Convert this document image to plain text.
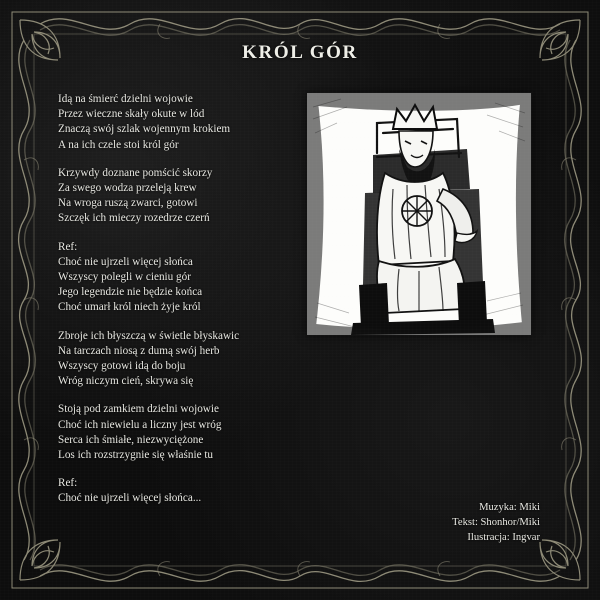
KRÓL GÓR
Idą na śmierć dzielni wojowie
Przez wieczne skały okute w lód
Znaczą swój szlak wojennym krokiem
A na ich czele stoi król gór
Krzywdy doznane pomścić skorzy
Za swego wodza przeleją krew
Na wroga ruszą zwarci, gotowi
Szczęk ich mieczy rozedrze czerń
Ref:
Choć nie ujrzeli więcej słońca
Wszyscy polegli w cieniu gór
Jego legendzie nie będzie końca
Choć umarł król niech żyje król
Zbroje ich błyszczą w świetle błyskawic
Na tarczach niosą z dumą swój herb
Wszyscy gotowi idą do boju
Wróg niczym cień, skrywa się
Stoją pod zamkiem dzielni wojowie
Choć ich niewielu a liczny jest wróg
Serca ich śmiałe, niezwyciężone
Los ich rozstrzygnie się właśnie tu
Ref:
Choć nie ujrzeli więcej słońca...
Muzyka: Miki
Tekst: Shonhor/Miki
Ilustracja: Ingvar
